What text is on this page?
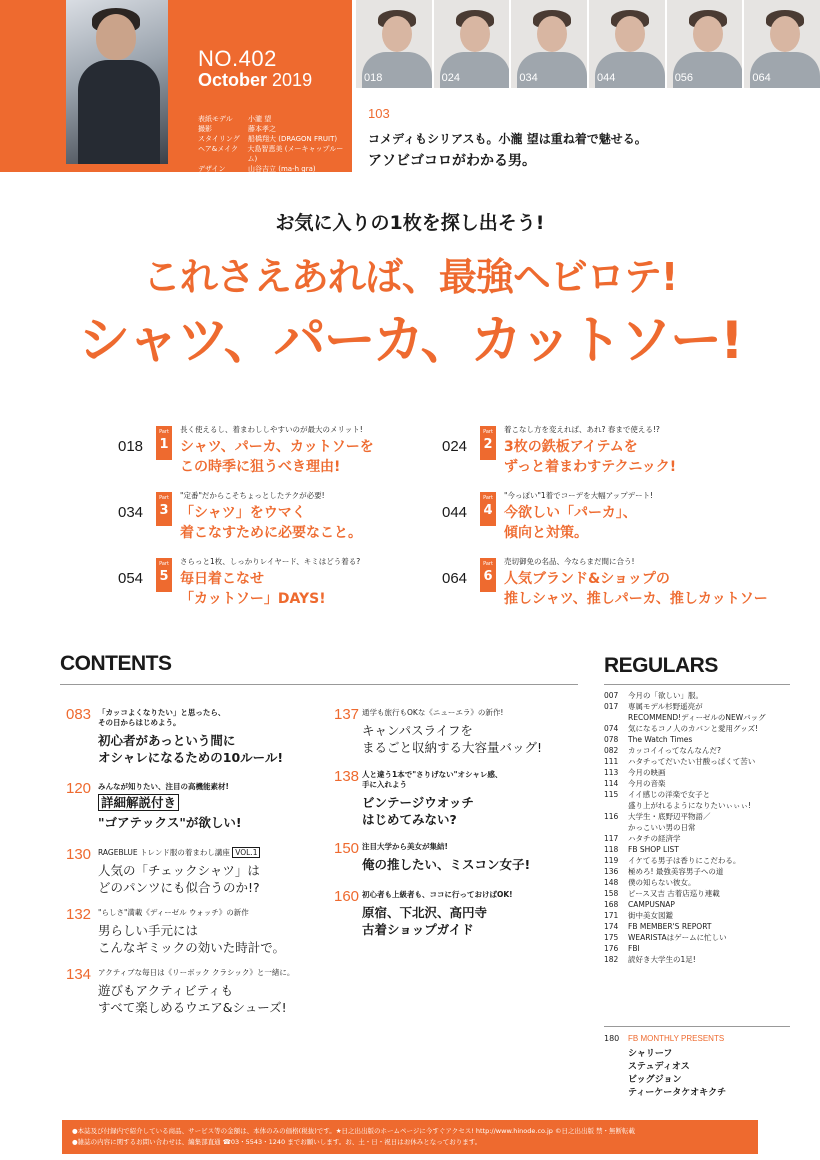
NO.402
October 2019
表紙モデル	小瀧 望
撮影	藤本孝之
スタイリング	船橋翔大 (DRAGON FRUIT)
ヘア&メイク	大島智恵美 (メーキャップルーム)
デザイン	山谷吉立 (ma-h gra)
018	024	034	044	056	064
103
コメディもシリアスも。小瀧 望は重ね着で魅せる。
アソビゴコロがわかる男。
お気に入りの1枚を探し出そう!
これさえあれば、最強ヘビロテ!
シャツ、パーカ、カットソー!
018
Part
1
長く使えるし、着まわししやすいのが最大のメリット!
シャツ、パーカ、カットソーを
この時季に狙うべき理由!
024
Part
2
着こなし方を変えれば、あれ? 春まで使える!?
3枚の鉄板アイテムを
ずっと着まわすテクニック!
034
Part
3
"定番"だからこそちょっとしたテクが必要!
「シャツ」をウマく
着こなすために必要なこと。
044
Part
4
"今っぽい"1着でコーデを大幅アップデート!
今欲しい「パーカ」、
傾向と対策。
054
Part
5
さらっと1枚、しっかりレイヤード、キミはどう着る?
毎日着こなせ
「カットソー」DAYS!
064
Part
6
売切御免の名品、今ならまだ間に合う!
人気ブランド&ショップの
推しシャツ、推しパーカ、推しカットソー
CONTENTS
083 「カッコよくなりたい」と思ったら、
その日からはじめよう。
初心者があっという間に
オシャレになるための10ルール!
120 みんなが知りたい、注目の高機能素材!
詳細解説付き
"ゴアテックス"が欲しい!
130 RAGEBLUE トレンド服の着まわし講座 VOL.1
人気の「チェックシャツ」は
どのパンツにも似合うのか!?
132 "らしさ"満載《ディーゼル ウォッチ》の新作
男らしい手元には
こんなギミックの効いた時計で。
134 アクティブな毎日は《リーボック クラシック》と一緒に。
遊びもアクティビティも
すべて楽しめるウエア&シューズ!
137 通学も旅行もOKな《ニューエラ》の新作!
キャンパスライフを
まるごと収納する大容量バッグ!
138 人と違う1本で"さりげない"オシャレ感、
手に入れよう
ビンテージウオッチ
はじめてみない?
150 注目大学から美女が集結!
俺の推したい、ミスコン女子!
160 初心者も上級者も、ココに行っておけばOK!
原宿、下北沢、高円寺
古着ショップガイド
REGULARS
007	今月の「欲しい」服。
017	専属モデル杉野遥亮が
RECOMMEND!ディーゼルのNEWバッグ
074	気になるコノ人のカバンと愛用グッズ!
078	The Watch Times
082	カッコイイってなんなんだ?
111	ハタチってだいたい甘酸っぱくて苦い
113	今月の映画
114	今月の音楽
115	イイ感じの洋楽で女子と
盛り上がれるようになりたいぃぃぃ!
116	大学生・底野辺平物語／
かっこいい男の日常
117	ハタチの経済学
118	FB SHOP LIST
119	イケてる男子は香りにこだわる。
136	極めろ! 最強美容男子への道
148	僕の知らない彼女。
158	ピース又吉 古着店巡り連載
168	CAMPUSNAP
171	街中美女図鑑
174	FB MEMBER'S REPORT
175	WEARISTAはゲームに忙しい
176	FBI
182	読好き大学生の1足!
180 FB MONTHLY PRESENTS
シャリーフ
ステュディオス
ビッグジョン
ティーケータケオキクチ
●本誌及び付録内で紹介している商品、サービス等の金額は、本体のみの価格(税抜)です。★日之出出版のホームページに今すぐアクセス! http://www.hinode.co.jp ©日之出出版 禁・無断転載
●雑誌の内容に関するお問い合わせは、編集部直通 ☎03・5543・1240 までお願いします。お、土・日・祝日はお休みとなっております。
